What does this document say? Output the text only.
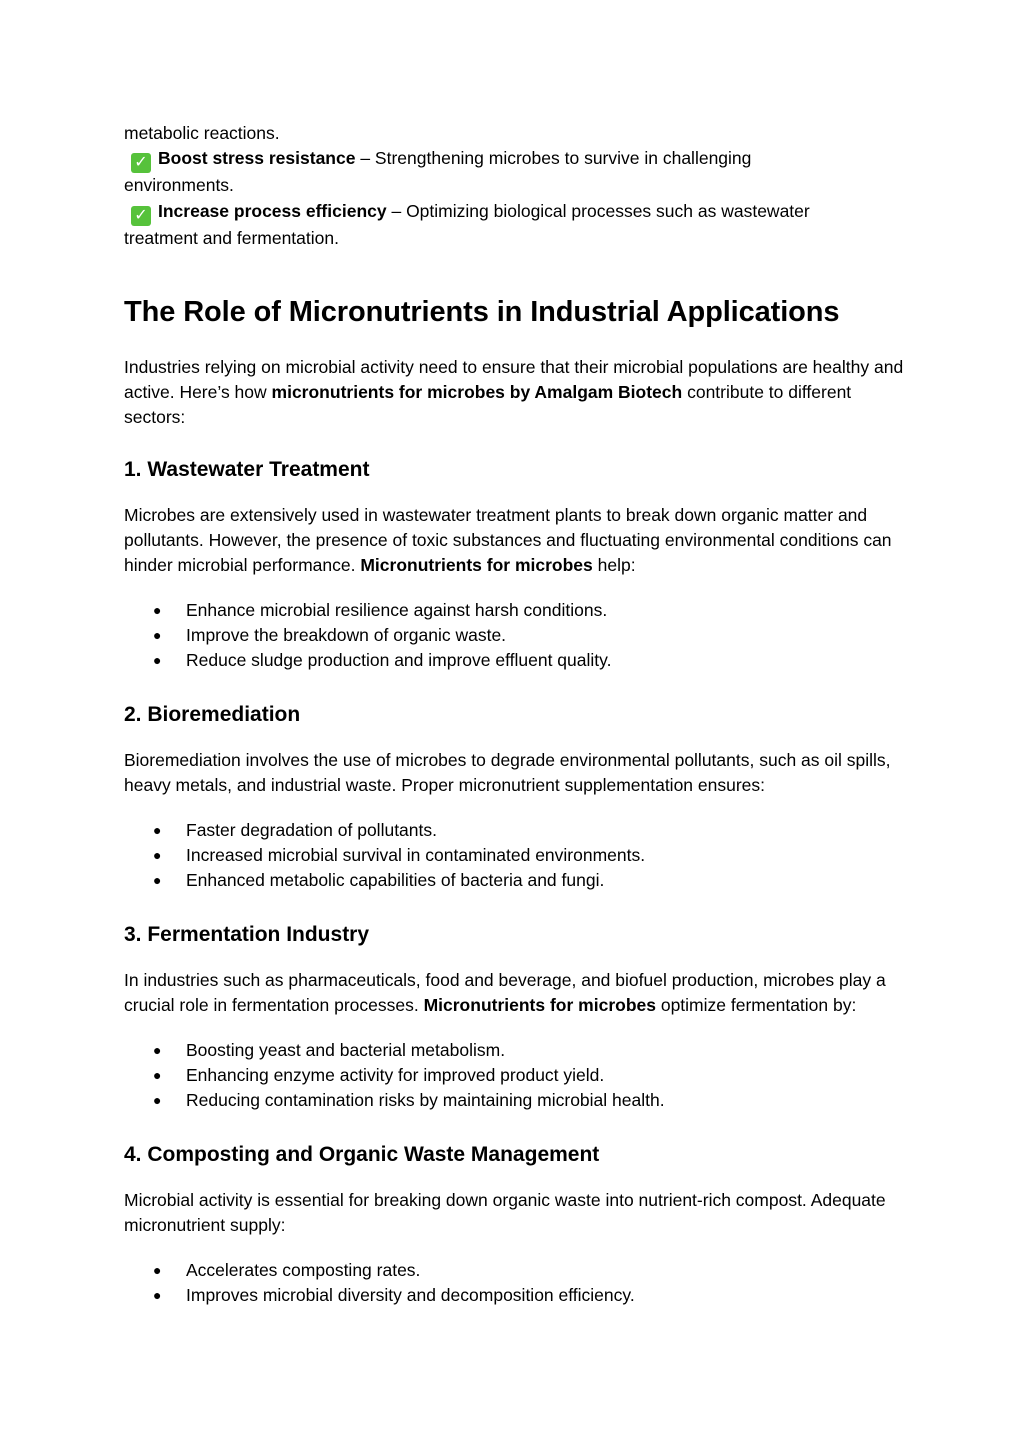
metabolic reactions.

✓ Boost stress resistance – Strengthening microbes to survive in challenging

environments.

✓ Increase process efficiency – Optimizing biological processes such as wastewater

treatment and fermentation.

The Role of Micronutrients in Industrial Applications

Industries relying on microbial activity need to ensure that their microbial populations are healthy and active. Here’s how micronutrients for microbes by Amalgam Biotech contribute to different sectors:

1. Wastewater Treatment

Microbes are extensively used in wastewater treatment plants to break down organic matter and pollutants. However, the presence of toxic substances and fluctuating environmental conditions can hinder microbial performance. Micronutrients for microbes help:

● Enhance microbial resilience against harsh conditions.
● Improve the breakdown of organic waste.
● Reduce sludge production and improve effluent quality.
2. Bioremediation

Bioremediation involves the use of microbes to degrade environmental pollutants, such as oil spills, heavy metals, and industrial waste. Proper micronutrient supplementation ensures:

● Faster degradation of pollutants.
● Increased microbial survival in contaminated environments.
● Enhanced metabolic capabilities of bacteria and fungi.
3. Fermentation Industry

In industries such as pharmaceuticals, food and beverage, and biofuel production, microbes play a crucial role in fermentation processes. Micronutrients for microbes optimize fermentation by:

● Boosting yeast and bacterial metabolism.
● Enhancing enzyme activity for improved product yield.
● Reducing contamination risks by maintaining microbial health.
4. Composting and Organic Waste Management

Microbial activity is essential for breaking down organic waste into nutrient-rich compost. Adequate micronutrient supply:

● Accelerates composting rates.
● Improves microbial diversity and decomposition efficiency.
